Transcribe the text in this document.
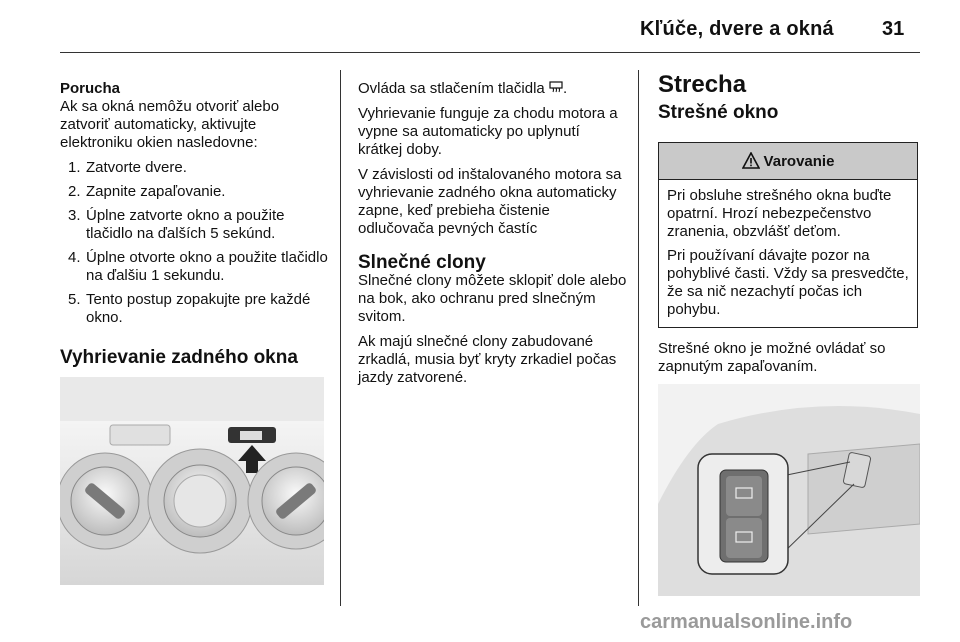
Kľúče, dvere a okná 31
Porucha

Ak sa okná nemôžu otvoriť alebo zatvoriť automaticky, aktivujte elektroniku okien nasledovne:

1. Zatvorte dvere.
2. Zapnite zapaľovanie.
3. Úplne zatvorte okno a použite tlačidlo na ďalších 5 sekúnd.
4. Úplne otvorte okno a použite tlačidlo na ďalšiu 1 sekundu.
5. Tento postup zopakujte pre každé okno.
Vyhrievanie zadného okna

Ovláda sa stlačením tlačidla .

Vyhrievanie funguje za chodu motora a vypne sa automaticky po uplynutí krátkej doby.

V závislosti od inštalovaného motora sa vyhrievanie zadného okna automaticky zapne, keď prebieha čistenie odlučovača pevných častíc

Slnečné clony

Slnečné clony môžete sklopiť dole alebo na bok, ako ochranu pred slnečným svitom.

Ak majú slnečné clony zabudované zrkadlá, musia byť kryty zrkadiel počas jazdy zatvorené.

Strecha
Strešné okno
Varovanie

Pri obsluhe strešného okna buďte opatrní. Hrozí nebezpečenstvo zranenia, obzvlášť deťom.

Pri používaní dávajte pozor na pohyblivé časti. Vždy sa presvedčte, že sa nič nezachytí počas ich pohybu.

Strešné okno je možné ovládať so zapnutým zapaľovaním.

carmanualsonline.info
